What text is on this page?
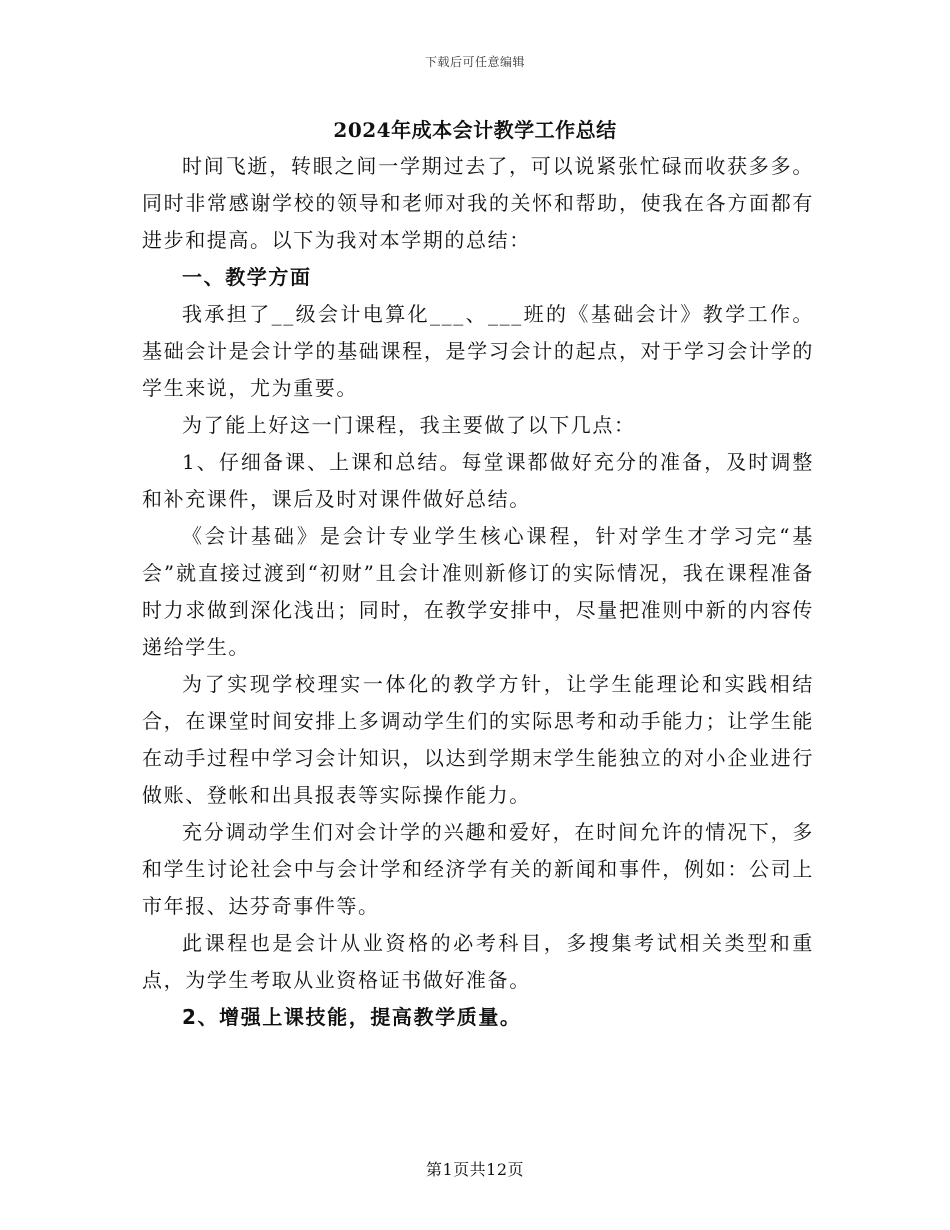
下载后可任意编辑
2024年成本会计教学工作总结

时间飞逝，转眼之间一学期过去了，可以说紧张忙碌而收获多多。同时非常感谢学校的领导和老师对我的关怀和帮助，使我在各方面都有进步和提高。以下为我对本学期的总结：

一、教学方面

我承担了__级会计电算化___、___班的《基础会计》教学工作。基础会计是会计学的基础课程，是学习会计的起点，对于学习会计学的学生来说，尤为重要。

为了能上好这一门课程，我主要做了以下几点：

1、仔细备课、上课和总结。每堂课都做好充分的准备，及时调整和补充课件，课后及时对课件做好总结。

《会计基础》是会计专业学生核心课程，针对学生才学习完“基会”就直接过渡到“初财”且会计准则新修订的实际情况，我在课程准备时力求做到深化浅出；同时，在教学安排中，尽量把准则中新的内容传递给学生。

为了实现学校理实一体化的教学方针，让学生能理论和实践相结合，在课堂时间安排上多调动学生们的实际思考和动手能力；让学生能在动手过程中学习会计知识，以达到学期末学生能独立的对小企业进行做账、登帐和出具报表等实际操作能力。

充分调动学生们对会计学的兴趣和爱好，在时间允许的情况下，多和学生讨论社会中与会计学和经济学有关的新闻和事件，例如：公司上市年报、达芬奇事件等。

此课程也是会计从业资格的必考科目，多搜集考试相关类型和重点，为学生考取从业资格证书做好准备。

2、增强上课技能，提高教学质量。

第1页共12页
